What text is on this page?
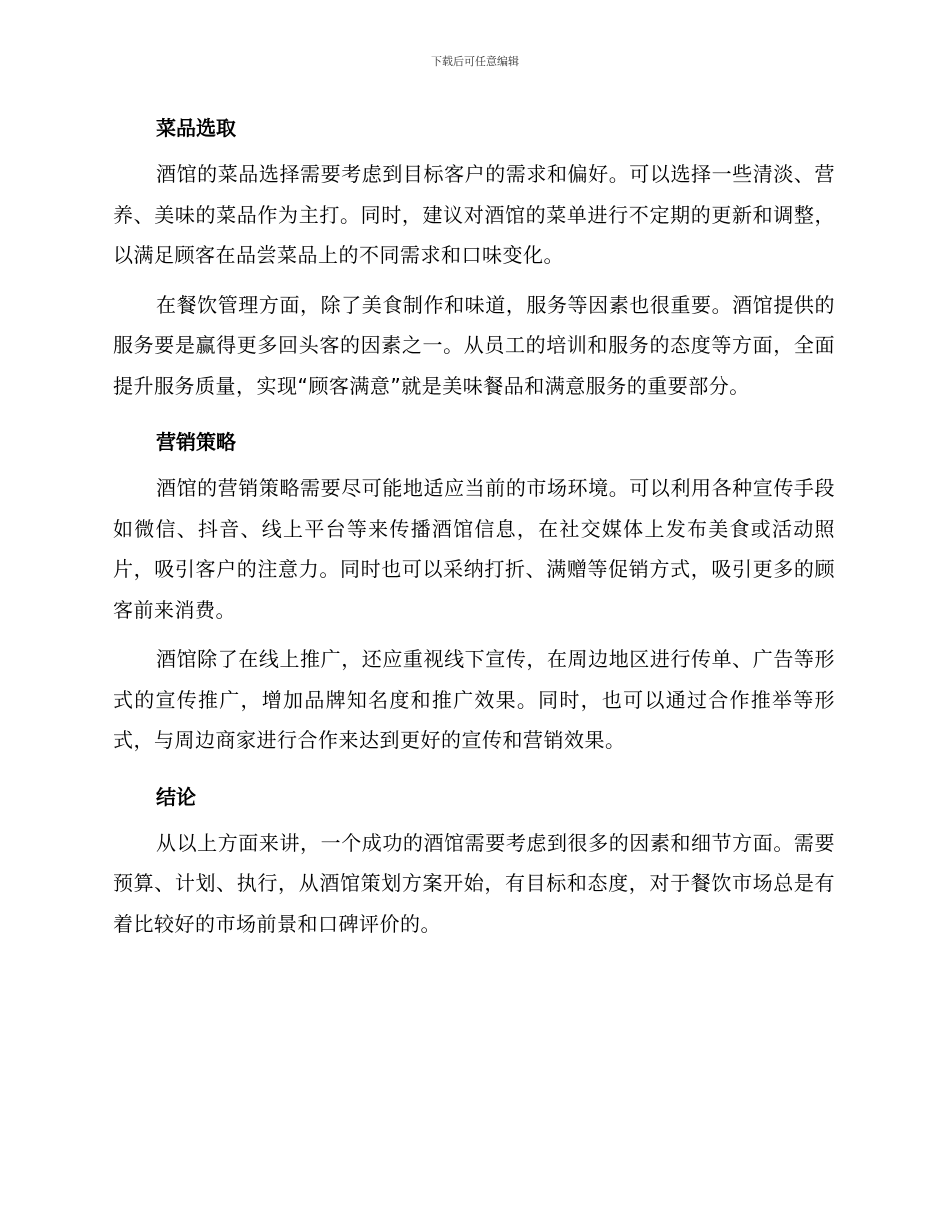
下载后可任意编辑
菜品选取

酒馆的菜品选择需要考虑到目标客户的需求和偏好。可以选择一些清淡、营养、美味的菜品作为主打。同时，建议对酒馆的菜单进行不定期的更新和调整，以满足顾客在品尝菜品上的不同需求和口味变化。

在餐饮管理方面，除了美食制作和味道，服务等因素也很重要。酒馆提供的服务要是赢得更多回头客的因素之一。从员工的培训和服务的态度等方面，全面提升服务质量，实现“顾客满意”就是美味餐品和满意服务的重要部分。

营销策略

酒馆的营销策略需要尽可能地适应当前的市场环境。可以利用各种宣传手段如微信、抖音、线上平台等来传播酒馆信息，在社交媒体上发布美食或活动照片，吸引客户的注意力。同时也可以采纳打折、满赠等促销方式，吸引更多的顾客前来消费。

酒馆除了在线上推广，还应重视线下宣传，在周边地区进行传单、广告等形式的宣传推广，增加品牌知名度和推广效果。同时，也可以通过合作推举等形式，与周边商家进行合作来达到更好的宣传和营销效果。

结论

从以上方面来讲，一个成功的酒馆需要考虑到很多的因素和细节方面。需要预算、计划、执行，从酒馆策划方案开始，有目标和态度，对于餐饮市场总是有着比较好的市场前景和口碑评价的。
